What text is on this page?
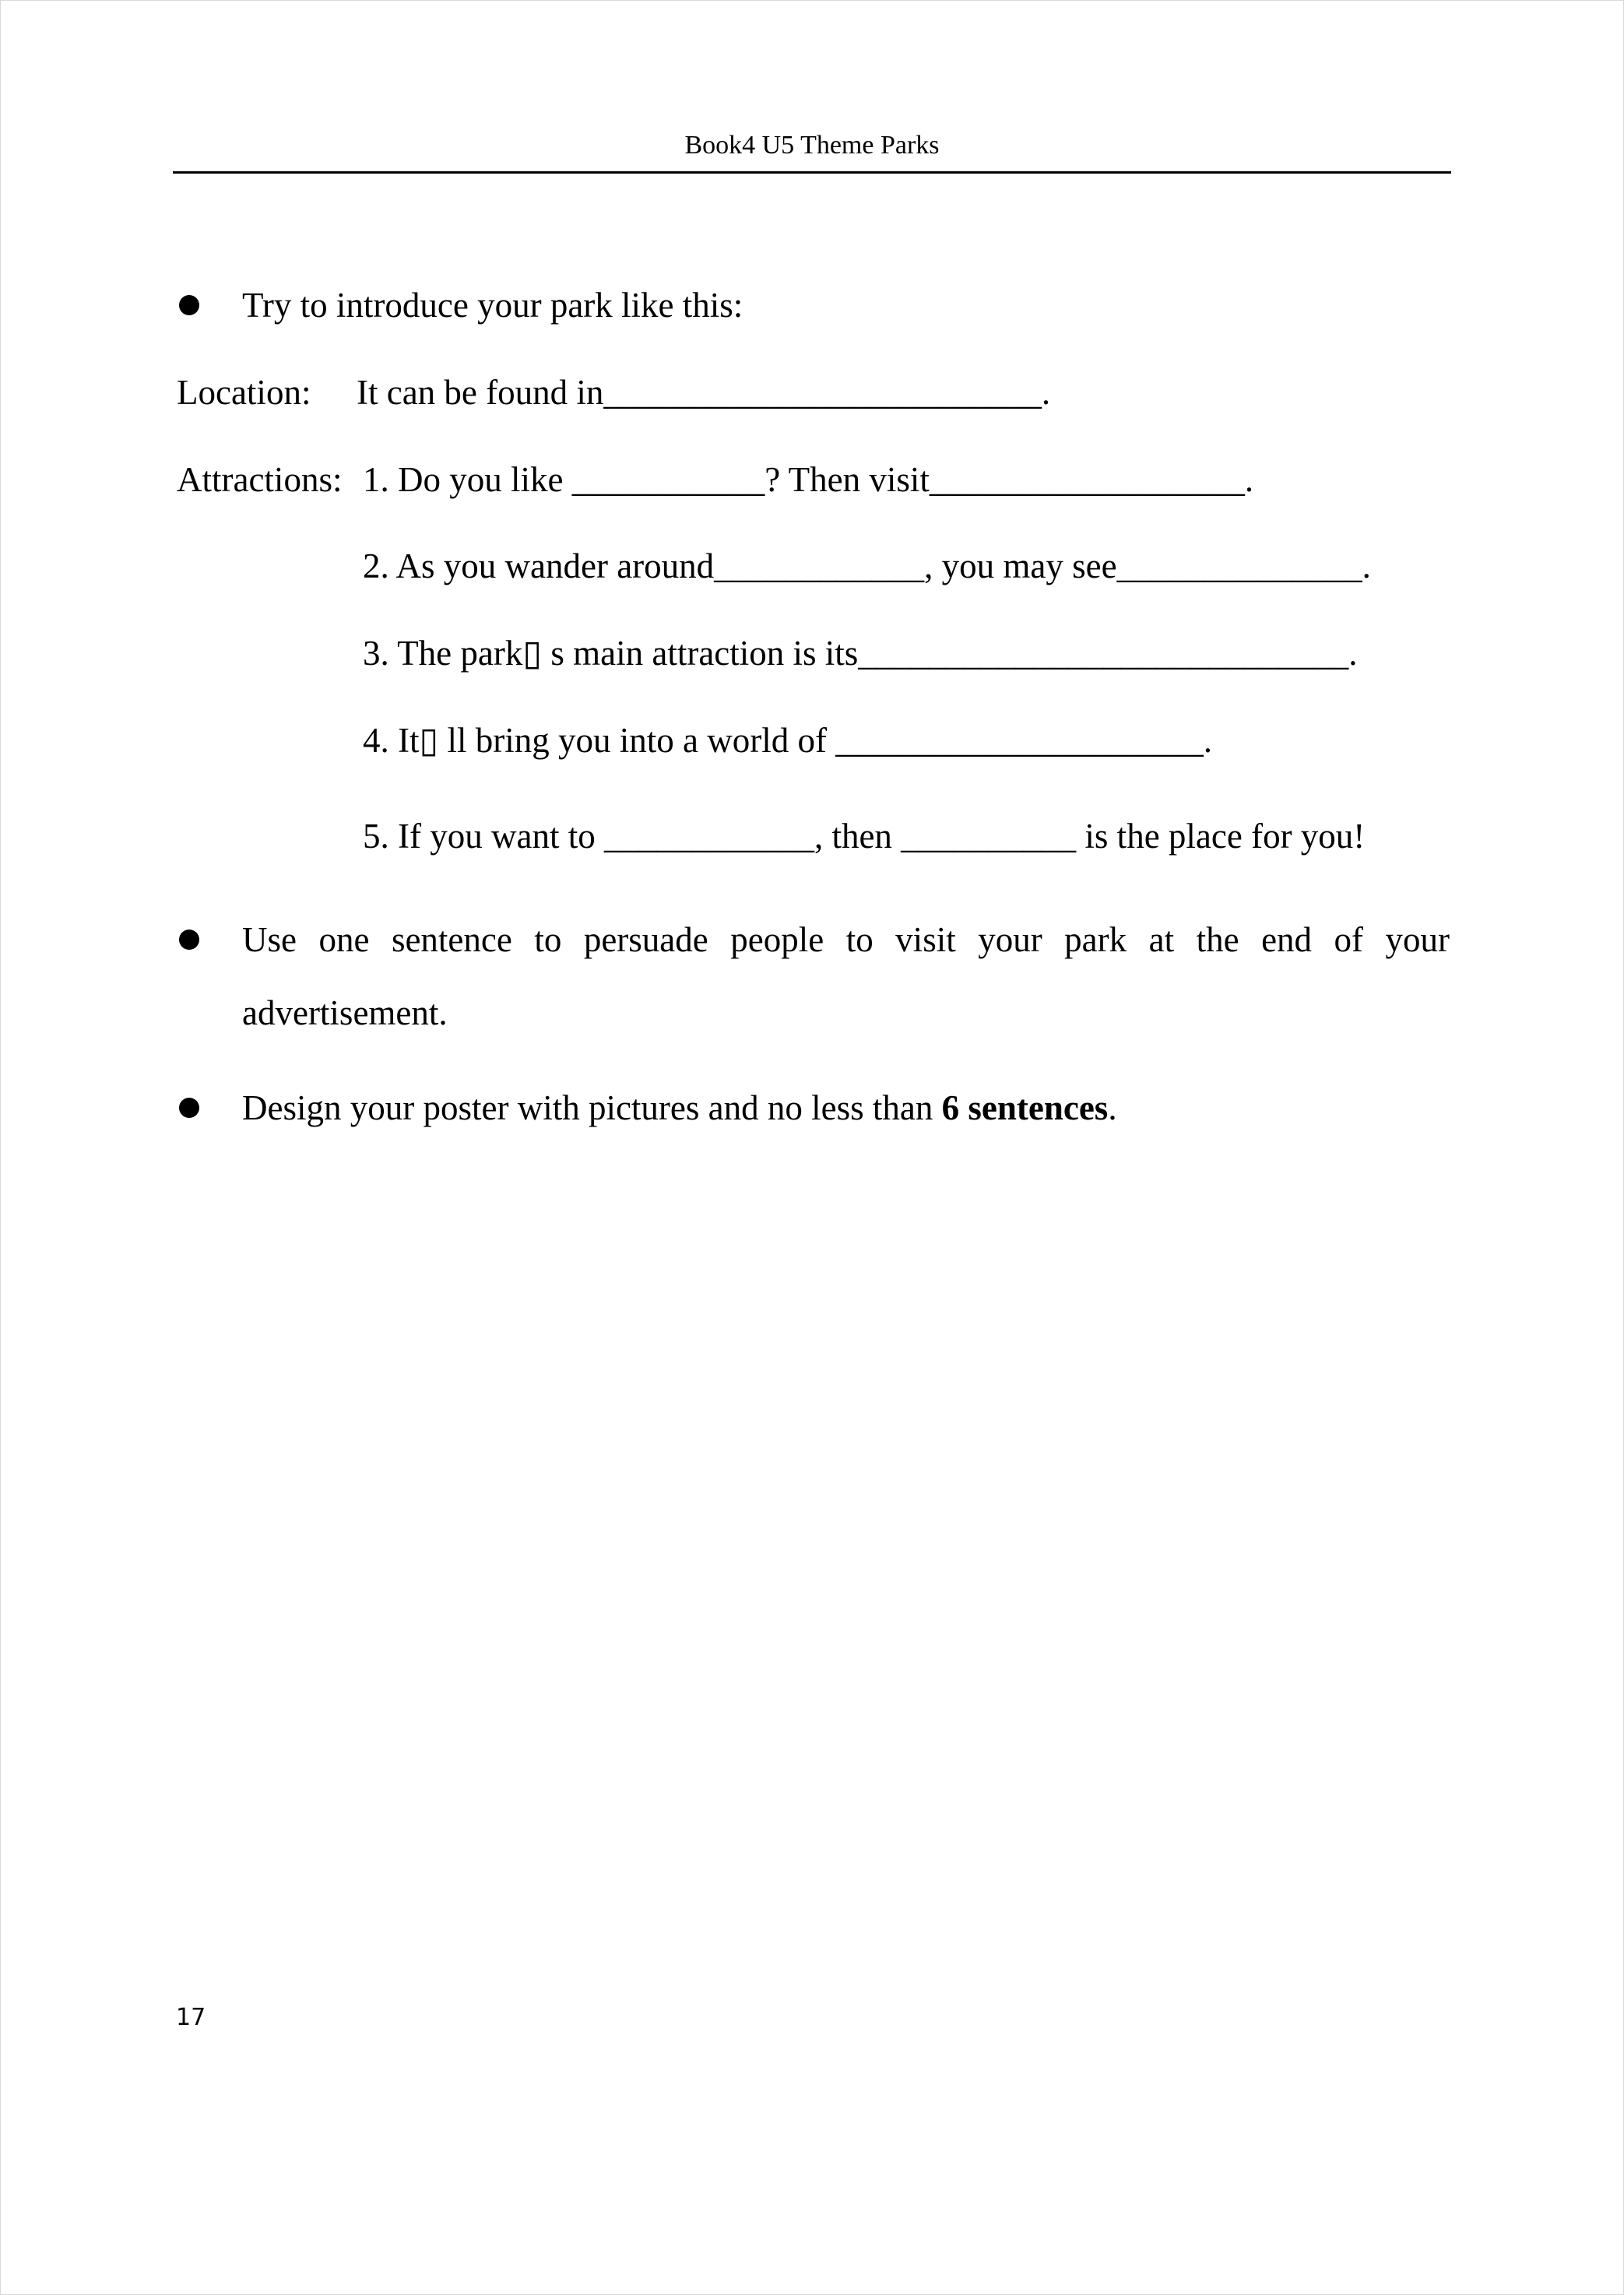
Book4 U5 Theme Parks
Try to introduce your park like this:
Location: It can be found in_________________________.
Attractions: 1. Do you like ___________? Then visit__________________.
2. As you wander around____________, you may see______________.
3. The park▯ s main attraction is its____________________________.
4. It▯ ll bring you into a world of _____________________.
5. If you want to ____________, then __________ is the place for you!
Use one sentence to persuade people to visit your park at the end of your
advertisement.
Design your poster with pictures and no less than 6 sentences.
17
